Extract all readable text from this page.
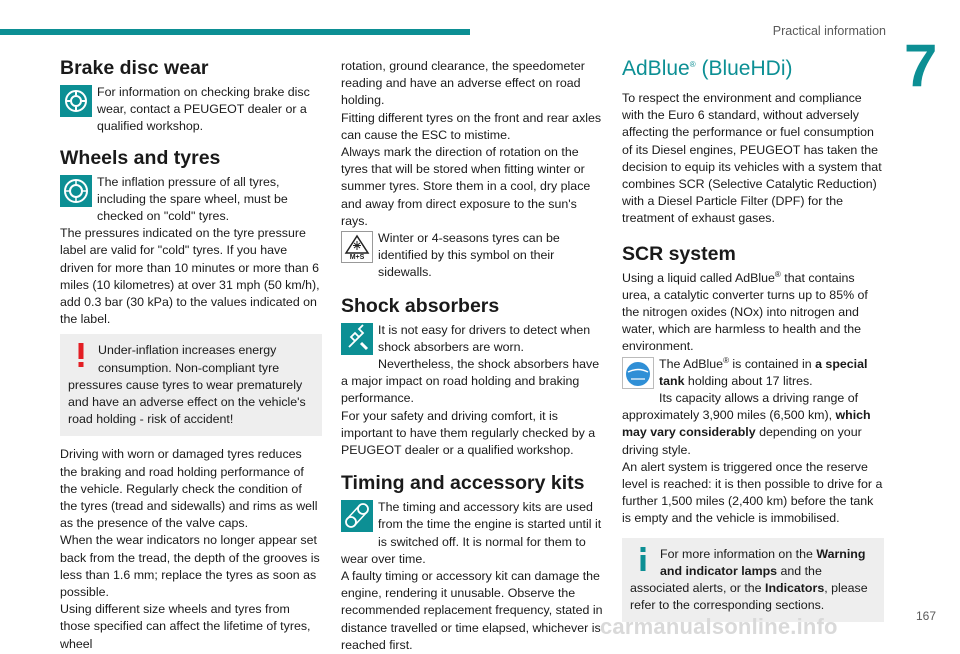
Practical information
7
Brake disc wear

For information on checking brake disc wear, contact a PEUGEOT dealer or a qualified workshop.

Wheels and tyres

The inflation pressure of all tyres, including the spare wheel, must be checked on "cold" tyres.

The pressures indicated on the tyre pressure label are valid for "cold" tyres. If you have driven for more than 10 minutes or more than 6 miles (10 kilometres) at over 31 mph (50 km/h), add 0.3 bar (30 kPa) to the values indicated on the label.

Under-inflation increases energy consumption. Non-compliant tyre pressures cause tyres to wear prematurely and have an adverse effect on the vehicle's road holding - risk of accident!

Driving with worn or damaged tyres reduces the braking and road holding performance of the vehicle. Regularly check the condition of the tyres (tread and sidewalls) and rims as well as the presence of the valve caps.

When the wear indicators no longer appear set back from the tread, the depth of the grooves is less than 1.6 mm; replace the tyres as soon as possible.

Using different size wheels and tyres from those specified can affect the lifetime of tyres, wheel

rotation, ground clearance, the speedometer reading and have an adverse effect on road holding.

Fitting different tyres on the front and rear axles can cause the ESC to mistime.

Always mark the direction of rotation on the tyres that will be stored when fitting winter or summer tyres. Store them in a cool, dry place and away from direct exposure to the sun's rays.

M+S

Winter or 4-seasons tyres can be identified by this symbol on their sidewalls.

Shock absorbers

It is not easy for drivers to detect when shock absorbers are worn. Nevertheless, the shock absorbers have a major impact on road holding and braking performance.

For your safety and driving comfort, it is important to have them regularly checked by a PEUGEOT dealer or a qualified workshop.

Timing and accessory kits

The timing and accessory kits are used from the time the engine is started until it is switched off. It is normal for them to wear over time.

A faulty timing or accessory kit can damage the engine, rendering it unusable. Observe the recommended replacement frequency, stated in distance travelled or time elapsed, whichever is reached first.

AdBlue® (BlueHDi)

To respect the environment and compliance with the Euro 6 standard, without adversely affecting the performance or fuel consumption of its Diesel engines, PEUGEOT has taken the decision to equip its vehicles with a system that combines SCR (Selective Catalytic Reduction) with a Diesel Particle Filter (DPF) for the treatment of exhaust gases.

SCR system

Using a liquid called AdBlue® that contains urea, a catalytic converter turns up to 85% of the nitrogen oxides (NOx) into nitrogen and water, which are harmless to health and the environment.

The AdBlue® is contained in a special tank holding about 17 litres.

Its capacity allows a driving range of approximately 3,900 miles (6,500 km), which may vary considerably depending on your driving style.

An alert system is triggered once the reserve level is reached: it is then possible to drive for a further 1,500 miles (2,400 km) before the tank is empty and the vehicle is immobilised.

For more information on the Warning and indicator lamps and the associated alerts, or the Indicators, please refer to the corresponding sections.

carmanualsonline.info	167
